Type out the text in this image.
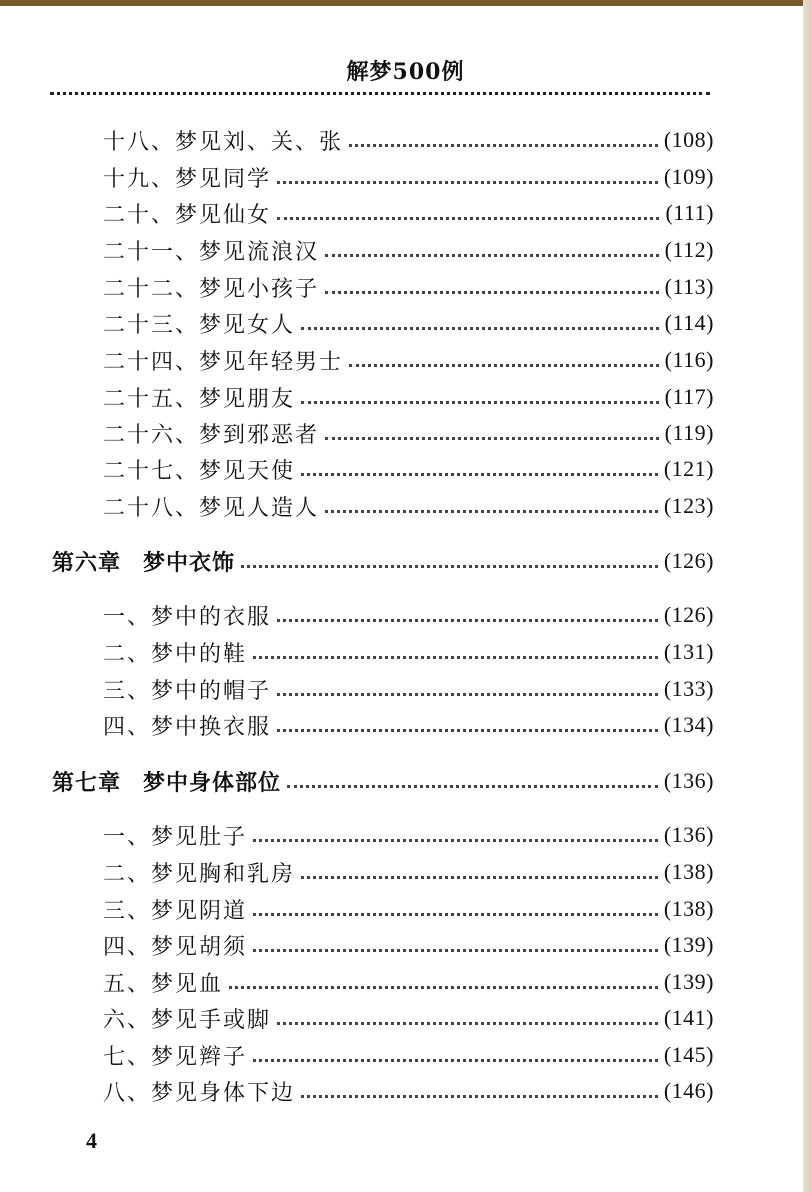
解梦500例
十八、梦见刘、关、张	(108)
十九、梦见同学	(109)
二十、梦见仙女	(111)
二十一、梦见流浪汉	(112)
二十二、梦见小孩子	(113)
二十三、梦见女人	(114)
二十四、梦见年轻男士	(116)
二十五、梦见朋友	(117)
二十六、梦到邪恶者	(119)
二十七、梦见天使	(121)
二十八、梦见人造人	(123)
第六章 梦中衣饰	(126)
一、梦中的衣服	(126)
二、梦中的鞋	(131)
三、梦中的帽子	(133)
四、梦中换衣服	(134)
第七章 梦中身体部位	(136)
一、梦见肚子	(136)
二、梦见胸和乳房	(138)
三、梦见阴道	(138)
四、梦见胡须	(139)
五、梦见血	(139)
六、梦见手或脚	(141)
七、梦见辫子	(145)
八、梦见身体下边	(146)
4
